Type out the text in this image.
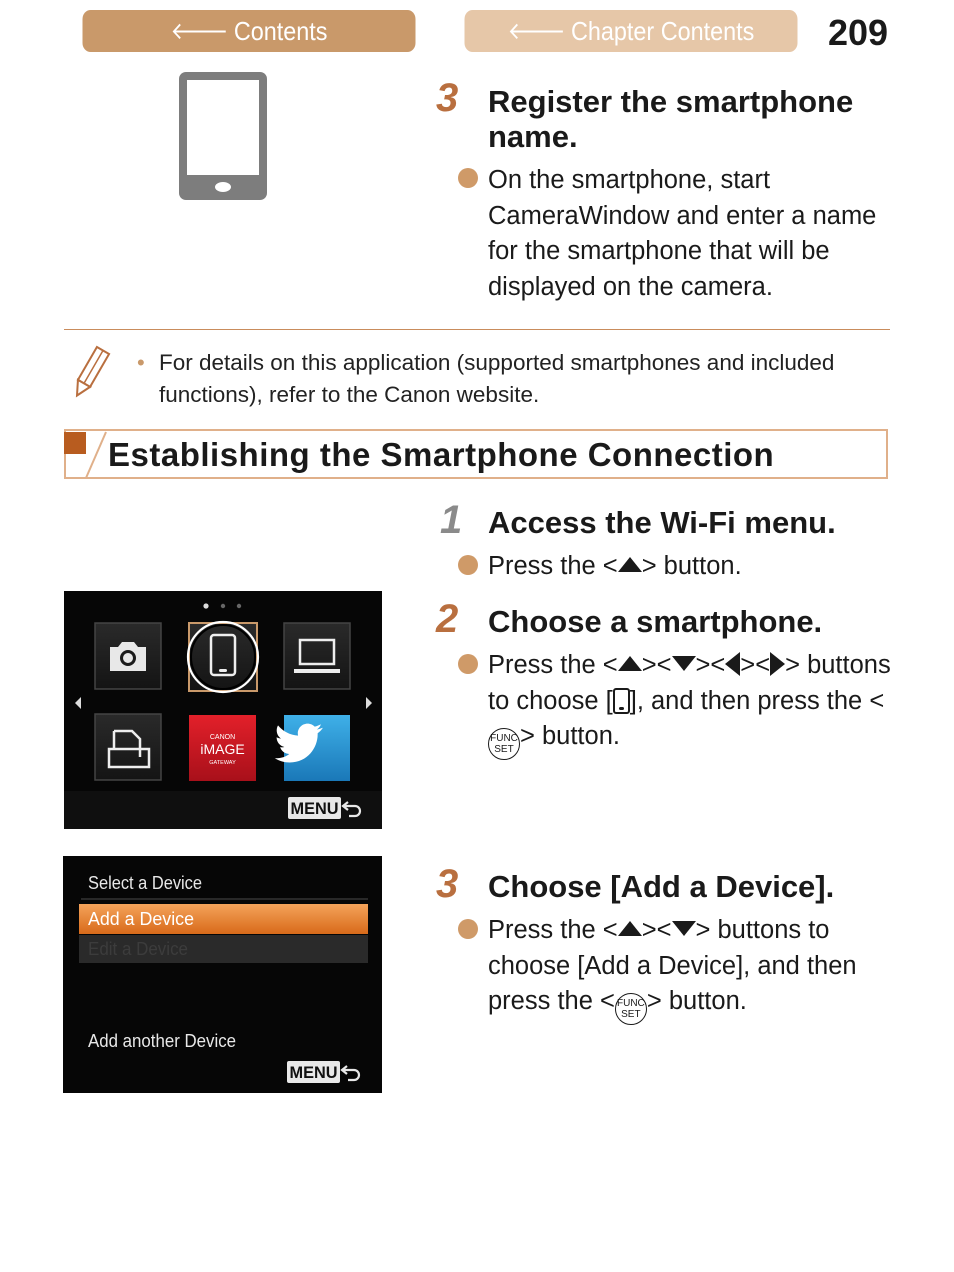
🡐 Contents	🡐 Chapter Contents 209
3 Register the smartphone name.
On the smartphone, start CameraWindow and enter a name for the smartphone that will be displayed on the camera.
• For details on this application (supported smartphones and included functions), refer to the Canon website.
Establishing the Smartphone Connection
1 Access the Wi-Fi menu.
Press the < > button.
2 Choose a smartphone.
Press the < >< >< >< > buttons to choose [ ], and then press the <FUNC
SET > button.
3 Choose [Add a Device].
Press the < >< > buttons to choose [Add a Device], and then press the < FUNC
SET > button.
CANON
iMAGE
GATEWAY
MENU
Select a Device
Add a Device
Edit a Device
Add another Device
MENU
